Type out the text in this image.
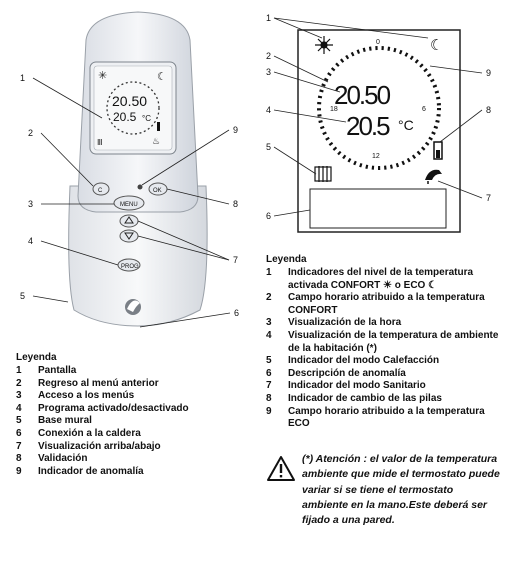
✳	☾
20.50
20.5 °C
Ⅲ	♨
C	OK
MENU
PROG
1
2
3
4
5
6
7
8
9
☾
0
6
12
18
20.50
20.5 °C
1
2
3
4
5
6
7
8
9
Leyenda
1	Pantalla
2	Regreso al menú anterior
3	Acceso a los menús
4	Programa activado/desactivado
5	Base mural
6	Conexión a la caldera
7	Visualización arriba/abajo
8	Validación
9	Indicador de anomalía
Leyenda
1	Indicadores del nivel de la temperatura activada CONFORT ☀ o ECO ☾
2	Campo horario atribuido a la temperatura CONFORT
3	Visualización de la hora
4	Visualización de la temperatura de ambiente de la habitación (*)
5	Indicador del modo Calefacción
6	Descripción de anomalía
7	Indicador del modo Sanitario
8	Indicador de cambio de las pilas
9	Campo horario atribuido a la temperatura ECO
(*) Atención : el valor de la temperatura ambiente que mide el termostato puede variar si se tiene el termostato ambiente en la mano.Este deberá ser fijado a una pared.
